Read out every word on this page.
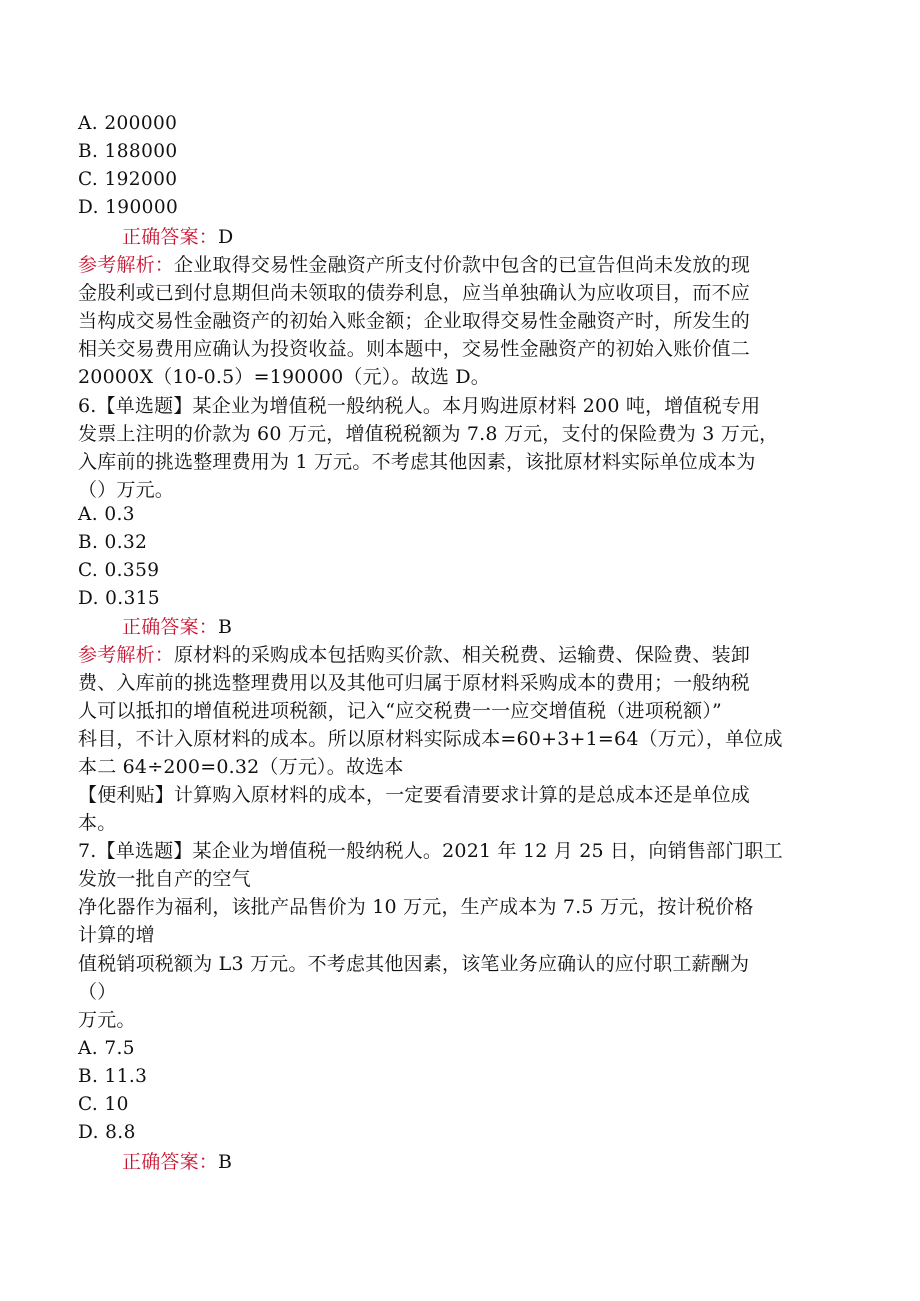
A. 200000
B. 188000
C. 192000
D. 190000
正确答案：D
参考解析：企业取得交易性金融资产所支付价款中包含的已宣告但尚未发放的现
金股利或已到付息期但尚未领取的债券利息，应当单独确认为应收项目，而不应
当构成交易性金融资产的初始入账金额；企业取得交易性金融资产时，所发生的
相关交易费用应确认为投资收益。则本题中，交易性金融资产的初始入账价值二
20000X（10-0.5）=190000（元）。故选 D。
6.【单选题】某企业为增值税一般纳税人。本月购进原材料 200 吨，增值税专用
发票上注明的价款为 60 万元，增值税税额为 7.8 万元，支付的保险费为 3 万元，
入库前的挑选整理费用为 1 万元。不考虑其他因素，该批原材料实际单位成本为
（）万元。
A. 0.3
B. 0.32
C. 0.359
D. 0.315
正确答案：B
参考解析：原材料的采购成本包括购买价款、相关税费、运输费、保险费、装卸
费、入库前的挑选整理费用以及其他可归属于原材料采购成本的费用；一般纳税
人可以抵扣的增值税进项税额，记入“应交税费一一应交增值税（进项税额）”
科目，不计入原材料的成本。所以原材料实际成本=60+3+1=64（万元），单位成
本二 64÷200=0.32（万元）。故选本
【便利贴】计算购入原材料的成本，一定要看清要求计算的是总成本还是单位成
本。
7.【单选题】某企业为增值税一般纳税人。2021 年 12 月 25 日，向销售部门职工
发放一批自产的空气
净化器作为福利，该批产品售价为 10 万元，生产成本为 7.5 万元，按计税价格
计算的增
值税销项税额为 L3 万元。不考虑其他因素，该笔业务应确认的应付职工薪酬为
（）
万元。
A. 7.5
B. 11.3
C. 10
D. 8.8
正确答案：B
